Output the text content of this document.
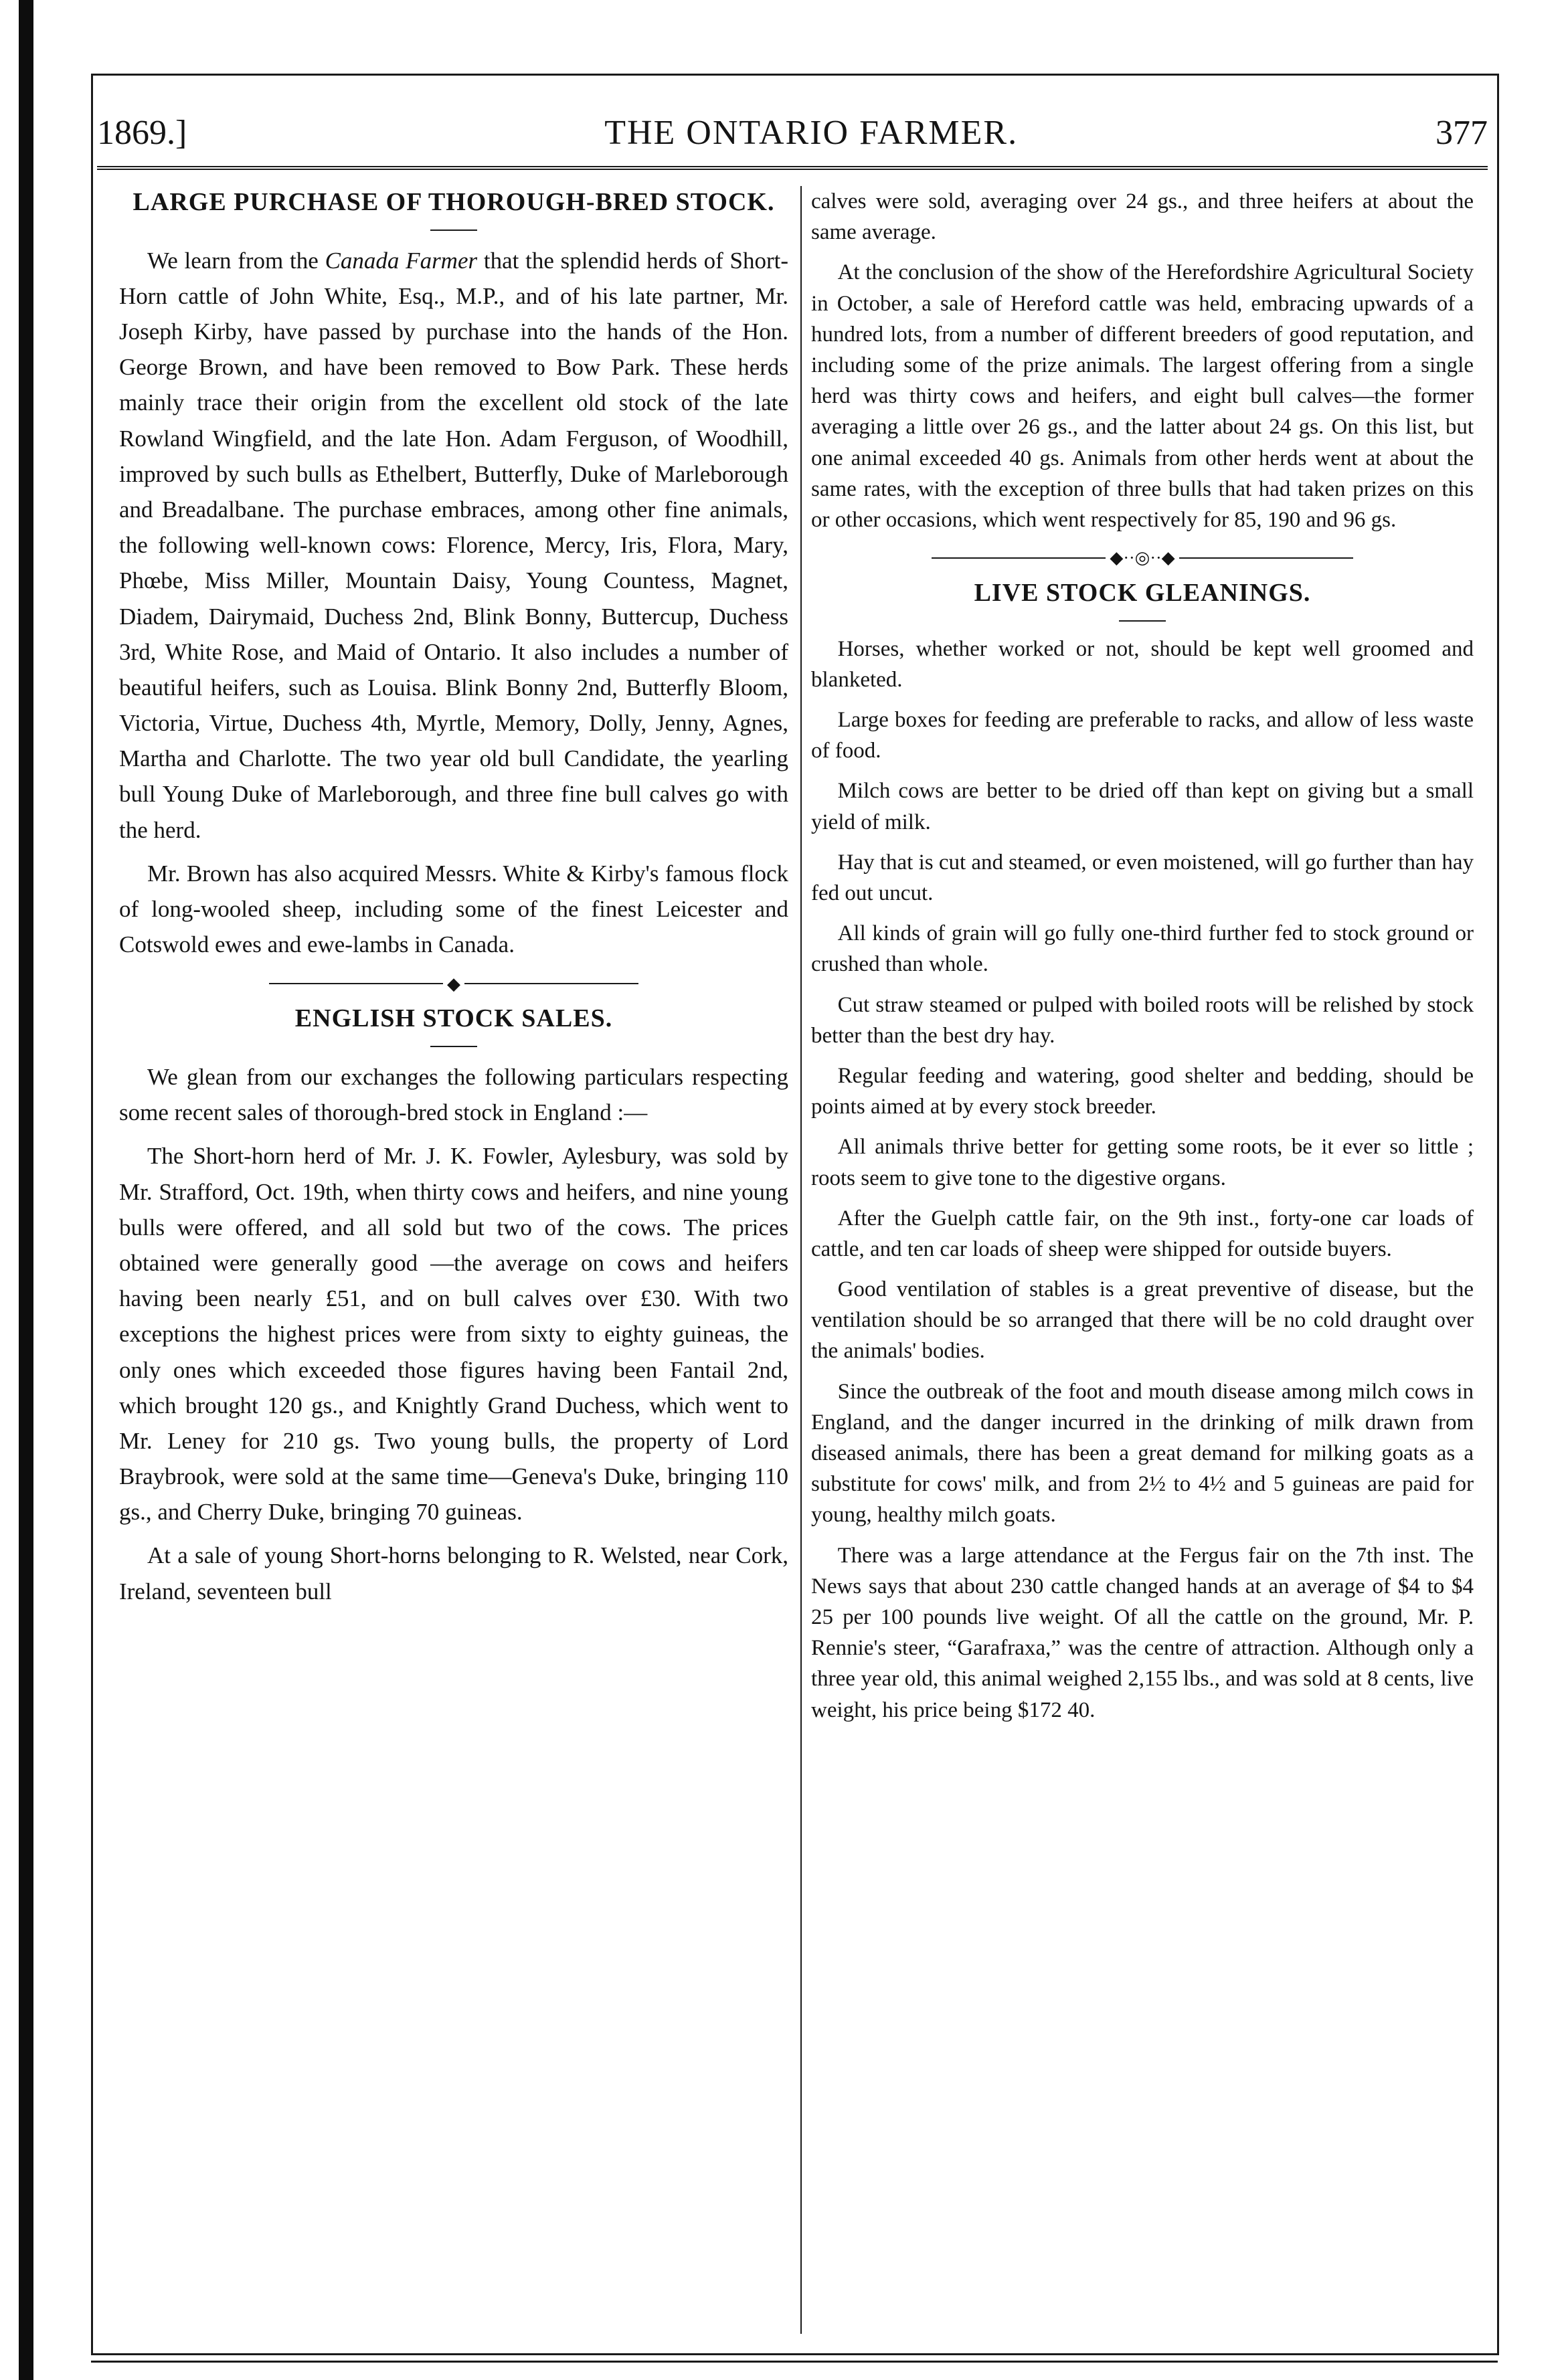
1869.]	THE ONTARIO FARMER.	377
LARGE PURCHASE OF THOROUGH-BRED STOCK.

We learn from the Canada Farmer that the splendid herds of Short-Horn cattle of John White, Esq., M.P., and of his late partner, Mr. Joseph Kirby, have passed by purchase into the hands of the Hon. George Brown, and have been removed to Bow Park. These herds mainly trace their origin from the excellent old stock of the late Rowland Wingfield, and the late Hon. Adam Ferguson, of Woodhill, improved by such bulls as Ethelbert, Butterfly, Duke of Marleborough and Breadalbane. The purchase embraces, among other fine animals, the following well-known cows: Florence, Mercy, Iris, Flora, Mary, Phœbe, Miss Miller, Mountain Daisy, Young Countess, Magnet, Diadem, Dairymaid, Duchess 2nd, Blink Bonny, Buttercup, Duchess 3rd, White Rose, and Maid of Ontario. It also includes a number of beautiful heifers, such as Louisa. Blink Bonny 2nd, Butterfly Bloom, Victoria, Virtue, Duchess 4th, Myrtle, Memory, Dolly, Jenny, Agnes, Martha and Charlotte. The two year old bull Candidate, the yearling bull Young Duke of Marleborough, and three fine bull calves go with the herd.

Mr. Brown has also acquired Messrs. White & Kirby's famous flock of long-wooled sheep, including some of the finest Leicester and Cotswold ewes and ewe-lambs in Canada.

◆
ENGLISH STOCK SALES.

We glean from our exchanges the following particulars respecting some recent sales of thorough-bred stock in England :—

The Short-horn herd of Mr. J. K. Fowler, Aylesbury, was sold by Mr. Strafford, Oct. 19th, when thirty cows and heifers, and nine young bulls were offered, and all sold but two of the cows. The prices obtained were generally good —the average on cows and heifers having been nearly £51, and on bull calves over £30. With two exceptions the highest prices were from sixty to eighty guineas, the only ones which exceeded those figures having been Fantail 2nd, which brought 120 gs., and Knightly Grand Duchess, which went to Mr. Leney for 210 gs. Two young bulls, the property of Lord Braybrook, were sold at the same time—Geneva's Duke, bringing 110 gs., and Cherry Duke, bringing 70 guineas.

At a sale of young Short-horns belonging to R. Welsted, near Cork, Ireland, seventeen bull

calves were sold, averaging over 24 gs., and three heifers at about the same average.

At the conclusion of the show of the Herefordshire Agricultural Society in October, a sale of Hereford cattle was held, embracing upwards of a hundred lots, from a number of different breeders of good reputation, and including some of the prize animals. The largest offering from a single herd was thirty cows and heifers, and eight bull calves—the former averaging a little over 26 gs., and the latter about 24 gs. On this list, but one animal exceeded 40 gs. Animals from other herds went at about the same rates, with the exception of three bulls that had taken prizes on this or other occasions, which went respectively for 85, 190 and 96 gs.

◆··◎··◆
LIVE STOCK GLEANINGS.

Horses, whether worked or not, should be kept well groomed and blanketed.

Large boxes for feeding are preferable to racks, and allow of less waste of food.

Milch cows are better to be dried off than kept on giving but a small yield of milk.

Hay that is cut and steamed, or even moistened, will go further than hay fed out uncut.

All kinds of grain will go fully one-third further fed to stock ground or crushed than whole.

Cut straw steamed or pulped with boiled roots will be relished by stock better than the best dry hay.

Regular feeding and watering, good shelter and bedding, should be points aimed at by every stock breeder.

All animals thrive better for getting some roots, be it ever so little ; roots seem to give tone to the digestive organs.

After the Guelph cattle fair, on the 9th inst., forty-one car loads of cattle, and ten car loads of sheep were shipped for outside buyers.

Good ventilation of stables is a great preventive of disease, but the ventilation should be so arranged that there will be no cold draught over the animals' bodies.

Since the outbreak of the foot and mouth disease among milch cows in England, and the danger incurred in the drinking of milk drawn from diseased animals, there has been a great demand for milking goats as a substitute for cows' milk, and from 2½ to 4½ and 5 guineas are paid for young, healthy milch goats.

There was a large attendance at the Fergus fair on the 7th inst. The News says that about 230 cattle changed hands at an average of $4 to $4 25 per 100 pounds live weight. Of all the cattle on the ground, Mr. P. Rennie's steer, “Garafraxa,” was the centre of attraction. Although only a three year old, this animal weighed 2,155 lbs., and was sold at 8 cents, live weight, his price being $172 40.
